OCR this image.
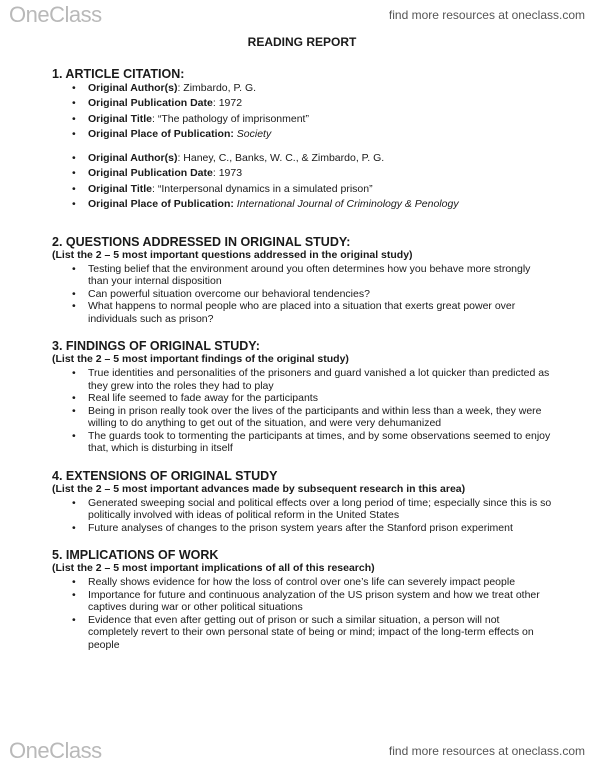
OneClass	find more resources at oneclass.com
READING REPORT
1. ARTICLE CITATION:
• Original Author(s): Zimbardo, P. G.
• Original Publication Date: 1972
• Original Title: “The pathology of imprisonment”
• Original Place of Publication: Society
• Original Author(s): Haney, C., Banks, W. C., & Zimbardo, P. G.
• Original Publication Date: 1973
• Original Title: “Interpersonal dynamics in a simulated prison”
• Original Place of Publication: International Journal of Criminology & Penology
2. QUESTIONS ADDRESSED IN ORIGINAL STUDY:
(List the 2 – 5 most important questions addressed in the original study)
• Testing belief that the environment around you often determines how you behave more strongly than your internal disposition
• Can powerful situation overcome our behavioral tendencies?
• What happens to normal people who are placed into a situation that exerts great power over individuals such as prison?
3. FINDINGS OF ORIGINAL STUDY:
(List the 2 – 5 most important findings of the original study)
• True identities and personalities of the prisoners and guard vanished a lot quicker than predicted as they grew into the roles they had to play
• Real life seemed to fade away for the participants
• Being in prison really took over the lives of the participants and within less than a week, they were willing to do anything to get out of the situation, and were very dehumanized
• The guards took to tormenting the participants at times, and by some observations seemed to enjoy that, which is disturbing in itself
4. EXTENSIONS OF ORIGINAL STUDY
(List the 2 – 5 most important advances made by subsequent research in this area)
• Generated sweeping social and political effects over a long period of time; especially since this is so politically involved with ideas of political reform in the United States
• Future analyses of changes to the prison system years after the Stanford prison experiment
5. IMPLICATIONS OF WORK
(List the 2 – 5 most important implications of all of this research)
• Really shows evidence for how the loss of control over one’s life can severely impact people
• Importance for future and continuous analyzation of the US prison system and how we treat other captives during war or other political situations
• Evidence that even after getting out of prison or such a similar situation, a person will not completely revert to their own personal state of being or mind; impact of the long-term effects on people
OneClass	find more resources at oneclass.com
